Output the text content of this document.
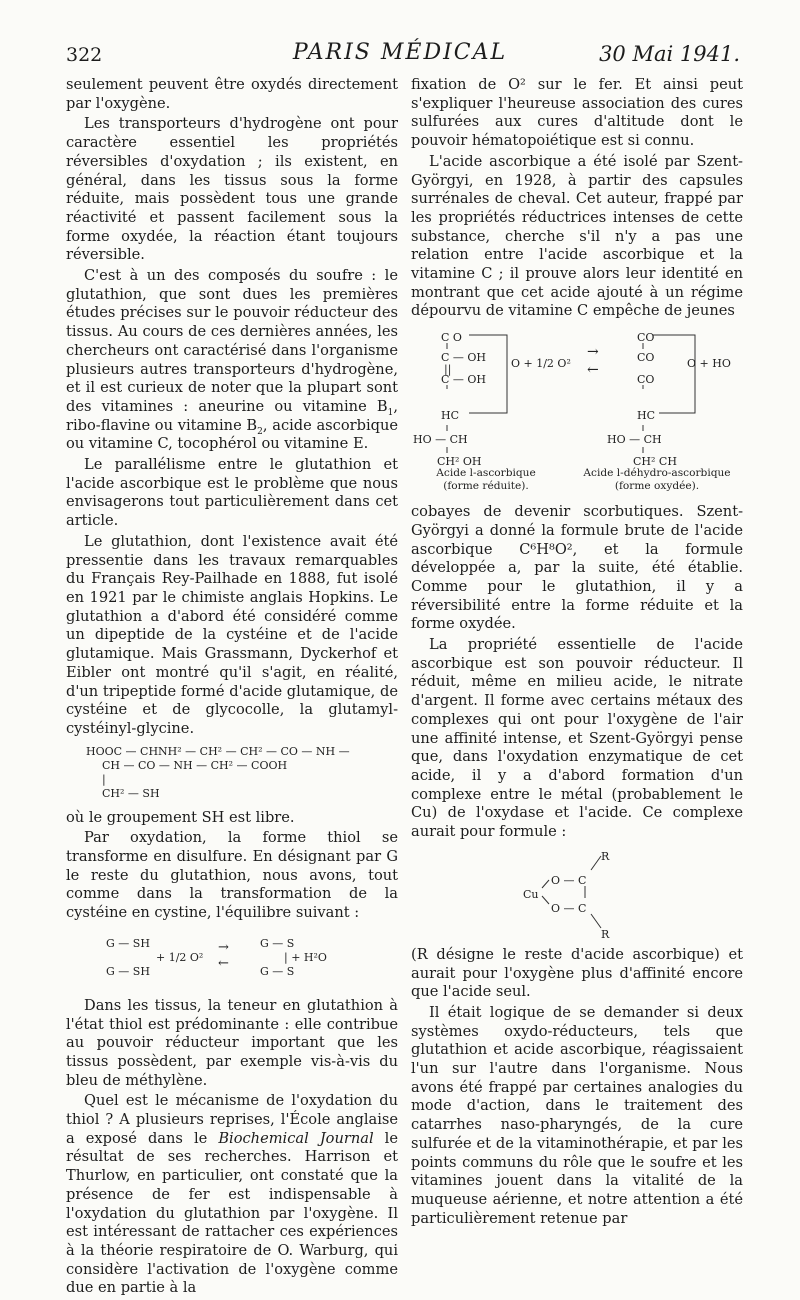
322	PARIS MÉDICAL	30 Mai 1941.

seulement peuvent être oxydés directement par l'oxygène.

Les transporteurs d'hydrogène ont pour caractère essentiel les propriétés réversibles d'oxydation ; ils existent, en général, dans les tissus sous la forme réduite, mais possèdent tous une grande réactivité et passent facilement sous la forme oxydée, la réaction étant toujours réversible.

C'est à un des composés du soufre : le glutathion, que sont dues les premières études précises sur le pouvoir réducteur des tissus. Au cours de ces dernières années, les chercheurs ont caractérisé dans l'organisme plusieurs autres transporteurs d'hydrogène, et il est curieux de noter que la plupart sont des vitamines : aneurine ou vitamine $B_1$, ribo-flavine ou vitamine $B_2$, acide ascorbique ou vitamine C, tocophérol ou vitamine E.

Le parallélisme entre le glutathion et l'acide ascorbique est le problème que nous envisagerons tout particulièrement dans cet article.

Le glutathion, dont l'existence avait été pressentie dans les travaux remarquables du Français Rey-Pailhade en 1888, fut isolé en 1921 par le chimiste anglais Hopkins. Le glutathion a d'abord été considéré comme un dipeptide de la cystéine et de l'acide glutamique. Mais Grassmann, Dyckerhof et Eibler ont montré qu'il s'agit, en réalité, d'un tripeptide formé d'acide glutamique, de cystéine et de glycocolle, la glutamyl-cystéinyl-glycine.

HOOC — CHNH² — CH² — CH² — CO — NH —
CH — CO — NH — CH² — COOH
|
CH² — SH

où le groupement SH est libre.

Par oxydation, la forme thiol se transforme en disulfure. En désignant par G le reste du glutathion, nous avons, tout comme dans la transformation de la cystéine en cystine, l'équilibre suivant :

G — SH
+ 1/2 O²
G — SH
→
←
G — S
| + H²O
G — S

Dans les tissus, la teneur en glutathion à l'état thiol est prédominante : elle contribue au pouvoir réducteur important que les tissus possèdent, par exemple vis-à-vis du bleu de méthylène.

Quel est le mécanisme de l'oxydation du thiol ? A plusieurs reprises, l'École anglaise a exposé dans le Biochemical Journal le résultat de ses recherches. Harrison et Thurlow, en particulier, ont constaté que la présence de fer est indispensable à l'oxydation du glutathion par l'oxygène. Il est intéressant de rattacher ces expériences à la théorie respiratoire de O. Warburg, qui considère l'activation de l'oxygène comme due en partie à la

fixation de O² sur le fer. Et ainsi peut s'expliquer l'heureuse association des cures sulfurées aux cures d'altitude dont le pouvoir hématopoiétique est si connu.

L'acide ascorbique a été isolé par Szent-Györgyi, en 1928, à partir des capsules surrénales de cheval. Cet auteur, frappé par les propriétés réductrices intenses de cette substance, cherche s'il n'y a pas une relation entre l'acide ascorbique et la vitamine C ; il prouve alors leur identité en montrant que cet acide ajouté à un régime dépourvu de vitamine C empêche de jeunes

C O
C — OH
||
C — OH
HC
HO — CH
CH² OH
O + 1/2 O²
→
←
CO
CO
CO
HC
HO — CH
CH² CH
O + HO
Acide l-ascorbique
(forme réduite).
Acide l-déhydro-ascorbique
(forme oxydée).

cobayes de devenir scorbutiques. Szent-Györgyi a donné la formule brute de l'acide ascorbique C⁶H⁸O², et la formule développée a, par la suite, été établie. Comme pour le glutathion, il y a réversibilité entre la forme réduite et la forme oxydée.

La propriété essentielle de l'acide ascorbique est son pouvoir réducteur. Il réduit, même en milieu acide, le nitrate d'argent. Il forme avec certains métaux des complexes qui ont pour l'oxygène de l'air une affinité intense, et Szent-Györgyi pense que, dans l'oxydation enzymatique de cet acide, il y a d'abord formation d'un complexe entre le métal (probablement le Cu) de l'oxydase et l'acide. Ce complexe aurait pour formule :

R
O — C
Cu
O — C
R

(R désigne le reste d'acide ascorbique) et aurait pour l'oxygène plus d'affinité encore que l'acide seul.

Il était logique de se demander si deux systèmes oxydo-réducteurs, tels que glutathion et acide ascorbique, réagissaient l'un sur l'autre dans l'organisme. Nous avons été frappé par certaines analogies du mode d'action, dans le traitement des catarrhes naso-pharyngés, de la cure sulfurée et de la vitaminothérapie, et par les points communs du rôle que le soufre et les vitamines jouent dans la vitalité de la muqueuse aérienne, et notre attention a été particulièrement retenue par
